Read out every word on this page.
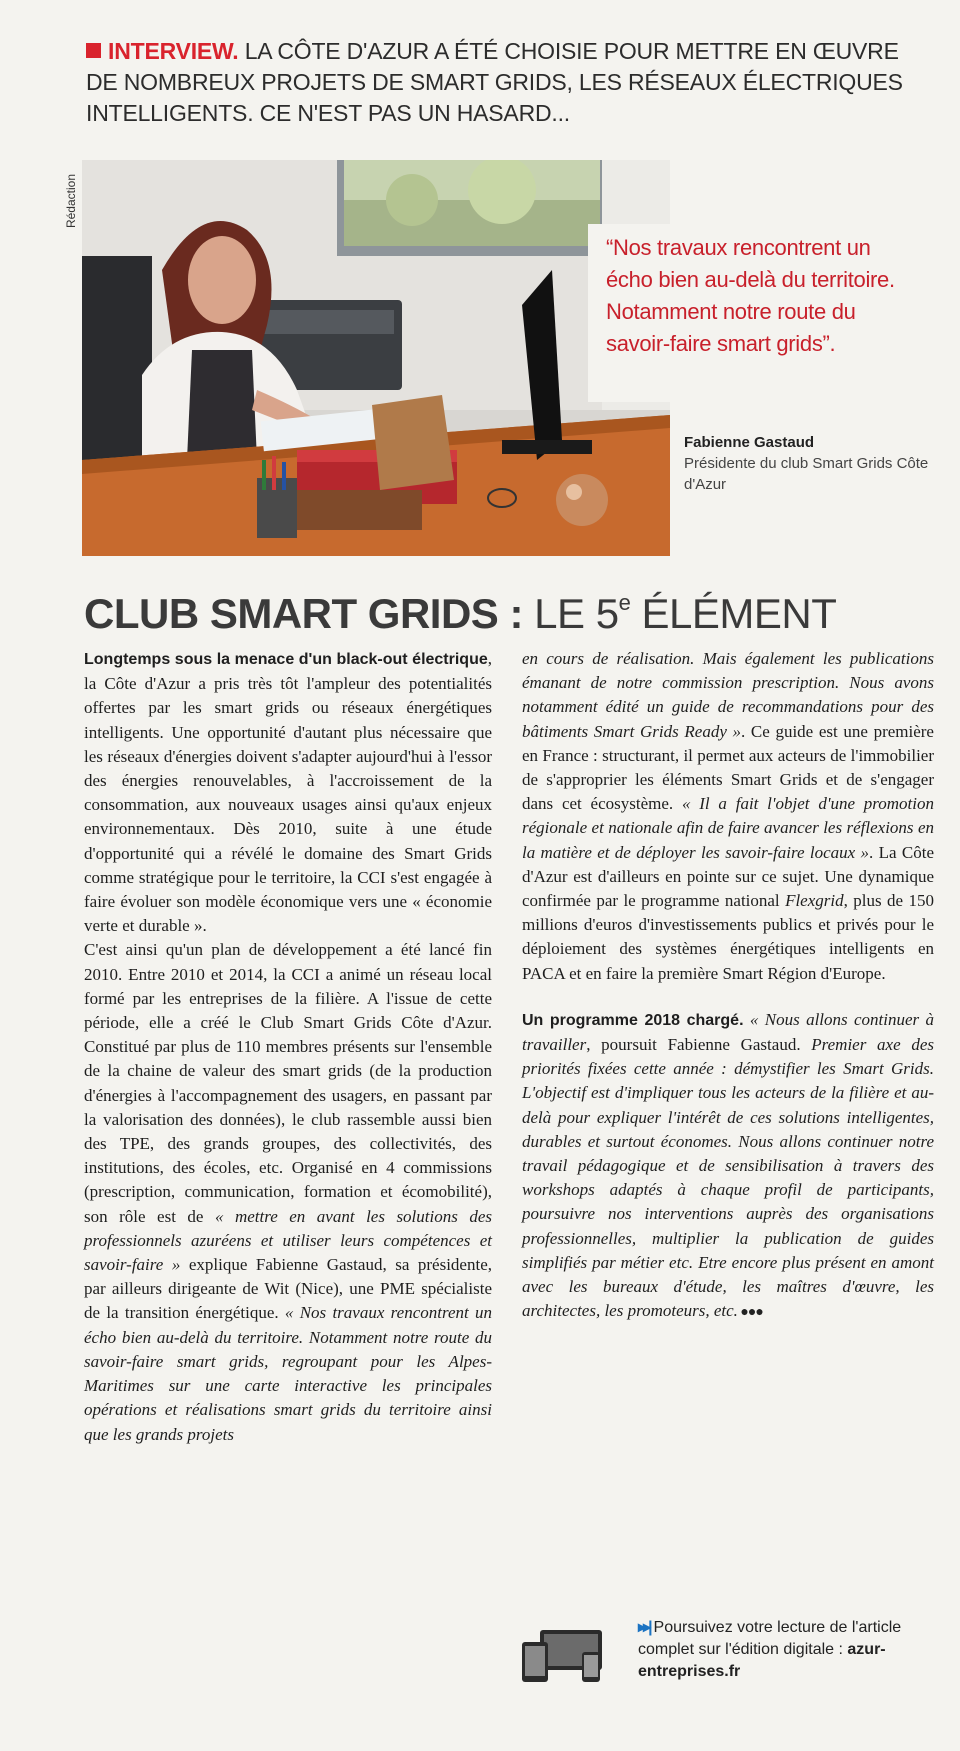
INTERVIEW. LA CÔTE D'AZUR A ÉTÉ CHOISIE POUR METTRE EN ŒUVRE DE NOMBREUX PROJETS DE SMART GRIDS, LES RÉSEAUX ÉLECTRIQUES INTELLIGENTS. CE N'EST PAS UN HASARD...
Rédaction
“Nos travaux rencontrent un écho bien au-delà du territoire. Notamment notre route du savoir-faire smart grids”.
Fabienne Gastaud
Présidente du club Smart Grids Côte d'Azur
CLUB SMART GRIDS : LE 5e ÉLÉMENT

Longtemps sous la menace d'un black-out électrique, la Côte d'Azur a pris très tôt l'ampleur des potentialités offertes par les smart grids ou réseaux énergétiques intelligents. Une opportunité d'autant plus nécessaire que les réseaux d'énergies doivent s'adapter aujourd'hui à l'essor des énergies renouvelables, à l'accroissement de la consommation, aux nouveaux usages ainsi qu'aux enjeux environnementaux. Dès 2010, suite à une étude d'opportunité qui a révélé le domaine des Smart Grids comme stratégique pour le territoire, la CCI s'est engagée à faire évoluer son modèle économique vers une « économie verte et durable ».

C'est ainsi qu'un plan de développement a été lancé fin 2010. Entre 2010 et 2014, la CCI a animé un réseau local formé par les entreprises de la filière. A l'issue de cette période, elle a créé le Club Smart Grids Côte d'Azur. Constitué par plus de 110 membres présents sur l'ensemble de la chaine de valeur des smart grids (de la production d'énergies à l'accompagnement des usagers, en passant par la valorisation des données), le club rassemble aussi bien des TPE, des grands groupes, des collectivités, des institutions, des écoles, etc. Organisé en 4 commissions (prescription, communication, formation et écomobilité), son rôle est de « mettre en avant les solutions des professionnels azuréens et utiliser leurs compétences et savoir-faire » explique Fabienne Gastaud, sa présidente, par ailleurs dirigeante de Wit (Nice), une PME spécialiste de la transition énergétique. « Nos travaux rencontrent un écho bien au-delà du territoire. Notamment notre route du savoir-faire smart grids, regroupant pour les Alpes-Maritimes sur une carte interactive les principales opérations et réalisations smart grids du territoire ainsi que les grands projets

en cours de réalisation. Mais également les publications émanant de notre commission prescription. Nous avons notamment édité un guide de recommandations pour des bâtiments Smart Grids Ready ». Ce guide est une première en France : structurant, il permet aux acteurs de l'immobilier de s'approprier les éléments Smart Grids et de s'engager dans cet écosystème. « Il a fait l'objet d'une promotion régionale et nationale afin de faire avancer les réflexions en la matière et de déployer les savoir-faire locaux ». La Côte d'Azur est d'ailleurs en pointe sur ce sujet. Une dynamique confirmée par le programme national Flexgrid, plus de 150 millions d'euros d'investissements publics et privés pour le déploiement des systèmes énergétiques intelligents en PACA et en faire la première Smart Région d'Europe.

Un programme 2018 chargé. « Nous allons continuer à travailler, poursuit Fabienne Gastaud. Premier axe des priorités fixées cette année : démystifier les Smart Grids. L'objectif est d'impliquer tous les acteurs de la filière et au-delà pour expliquer l'intérêt de ces solutions intelligentes, durables et surtout économes. Nous allons continuer notre travail pédagogique et de sensibilisation à travers des workshops adaptés à chaque profil de participants, poursuivre nos interventions auprès des organisations professionnelles, multiplier la publication de guides simplifiés par métier etc. Etre encore plus présent en amont avec les bureaux d'étude, les maîtres d'œuvre, les architectes, les promoteurs, etc. ●●●

▸▸| Poursuivez votre lecture de l'article complet sur l'édition digitale : azur-entreprises.fr
